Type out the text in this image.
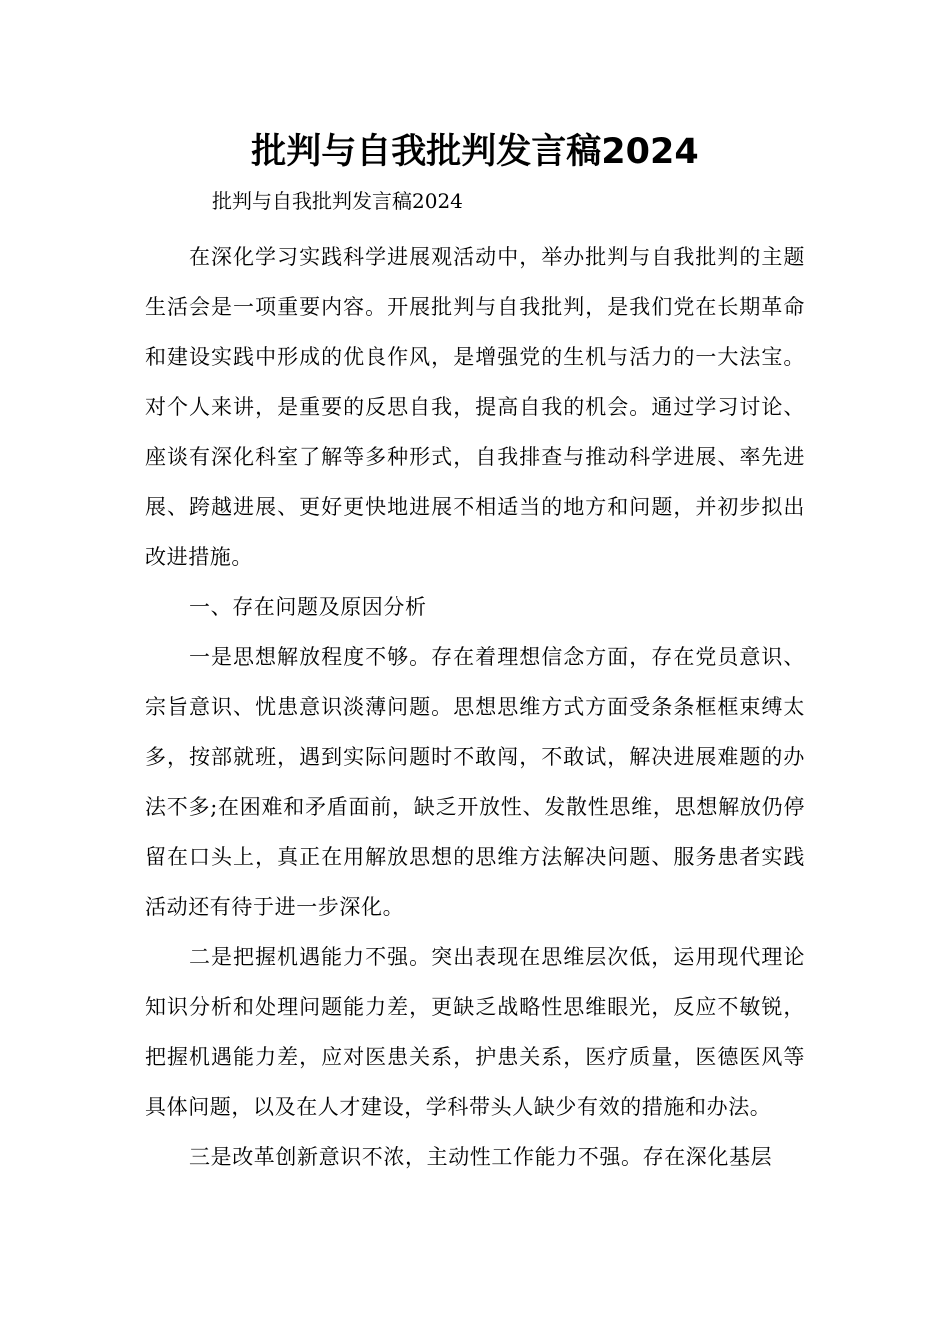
批判与自我批判发言稿2024

批判与自我批判发言稿2024

在深化学习实践科学进展观活动中，举办批判与自我批判的主题生活会是一项重要内容。开展批判与自我批判，是我们党在长期革命和建设实践中形成的优良作风，是增强党的生机与活力的一大法宝。对个人来讲，是重要的反思自我，提高自我的机会。通过学习讨论、座谈有深化科室了解等多种形式，自我排查与推动科学进展、率先进展、跨越进展、更好更快地进展不相适当的地方和问题，并初步拟出改进措施。

一、存在问题及原因分析

一是思想解放程度不够。存在着理想信念方面，存在党员意识、宗旨意识、忧患意识淡薄问题。思想思维方式方面受条条框框束缚太多，按部就班，遇到实际问题时不敢闯，不敢试，解决进展难题的办法不多;在困难和矛盾面前，缺乏开放性、发散性思维，思想解放仍停留在口头上，真正在用解放思想的思维方法解决问题、服务患者实践活动还有待于进一步深化。

二是把握机遇能力不强。突出表现在思维层次低，运用现代理论知识分析和处理问题能力差，更缺乏战略性思维眼光，反应不敏锐，把握机遇能力差，应对医患关系，护患关系，医疗质量，医德医风等具体问题，以及在人才建设，学科带头人缺少有效的措施和办法。

三是改革创新意识不浓，主动性工作能力不强。存在深化基层
